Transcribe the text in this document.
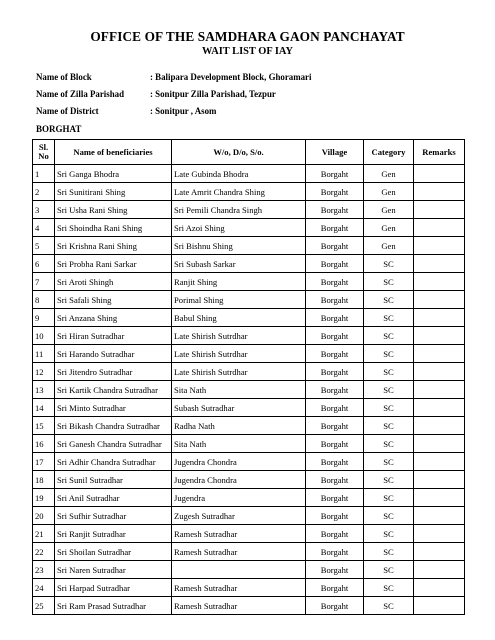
OFFICE OF THE SAMDHARA GAON PANCHAYAT
WAIT LIST OF IAY
Name of Block	: Balipara Development Block, Ghoramari
Name of Zilla Parishad	: Sonitpur Zilla Parishad, Tezpur
Name of District	: Sonitpur , Asom
BORGHAT
Sl. No	Name of beneficiaries	W/o, D/o, S/o.	Village	Category	Remarks
1	Sri Ganga Bhodra	Late Gubinda Bhodra	Borgaht	Gen	
2	Sri Sunitirani Shing	Late Amrit Chandra Shing	Borgaht	Gen	
3	Sri Usha Rani Shing	Sri Pemili Chandra Singh	Borgaht	Gen	
4	Sri Shoindha Rani Shing	Sri Azoi Shing	Borgaht	Gen	
5	Sri Krishna Rani Shing	Sri Bishnu Shing	Borgaht	Gen	
6	Sri Probha Rani Sarkar	Sri Subash Sarkar	Borgaht	SC	
7	Sri Aroti Shingh	Ranjit Shing	Borgaht	SC	
8	Sri Safali Shing	Porimal Shing	Borgaht	SC	
9	Sri Anzana Shing	Babul Shing	Borgaht	SC	
10	Sri Hiran Sutradhar	Late Shirish Sutrdhar	Borgaht	SC	
11	Sri Harando Sutradhar	Late Shirish Sutrdhar	Borgaht	SC	
12	Sri Jitendro Sutradhar	Late Shirish Sutrdhar	Borgaht	SC	
13	Sri Kartik Chandra Sutradhar	Sita Nath	Borgaht	SC	
14	Sri Minto Sutradhar	Subash Sutradhar	Borgaht	SC	
15	Sri Bikash Chandra Sutradhar	Radha Nath	Borgaht	SC	
16	Sri Ganesh Chandra Sutradhar	Sita Nath	Borgaht	SC	
17	Sri Adhir Chandra Sutradhar	Jugendra Chondra	Borgaht	SC	
18	Sri Sunil Sutradhar	Jugendra Chondra	Borgaht	SC	
19	Sri Anil Sutradhar	Jugendra	Borgaht	SC	
20	Sri Sufhir Sutradhar	Zugesh Sutradhar	Borgaht	SC	
21	Sri Ranjit Sutradhar	Ramesh Sutradhar	Borgaht	SC	
22	Sri Shoilan Sutradhar	Ramesh Sutradhar	Borgaht	SC	
23	Sri Naren Sutradhar		Borgaht	SC	
24	Sri Harpad Sutradhar	Ramesh Sutradhar	Borgaht	SC	
25	Sri Ram Prasad Sutradhar	Ramesh Sutradhar	Borgaht	SC	
